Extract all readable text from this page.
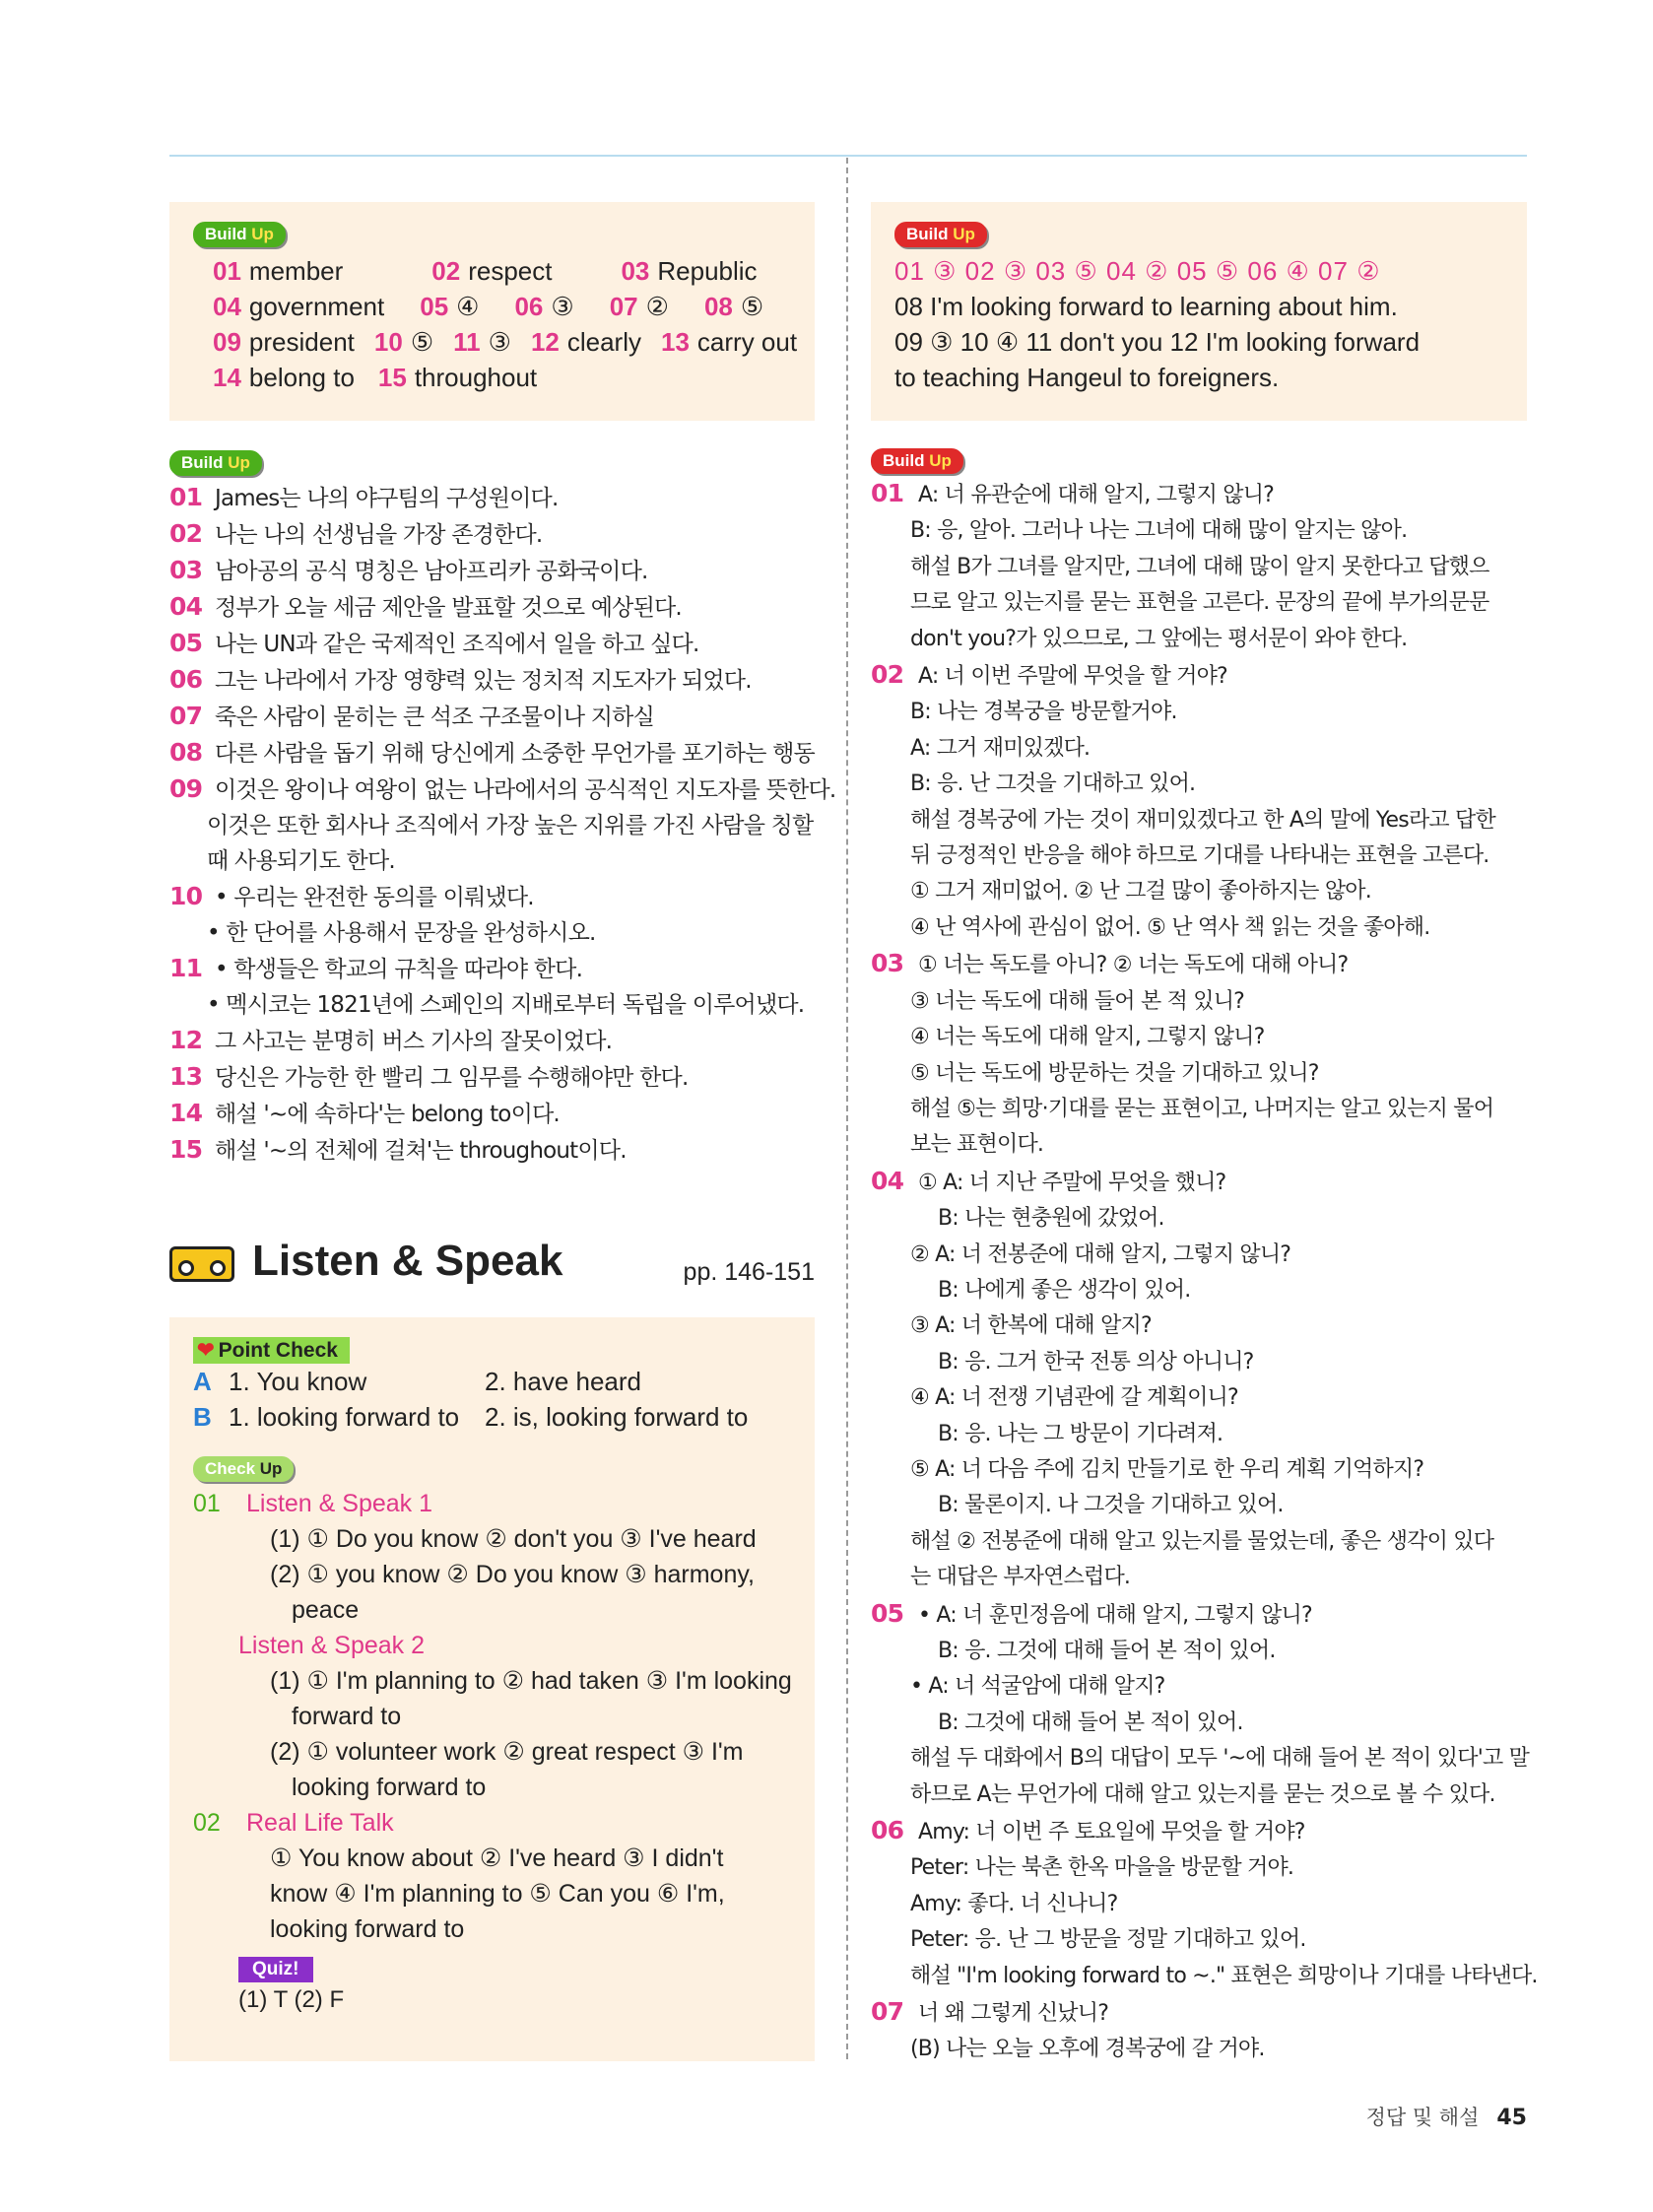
Build Up
01 member	02 respect	03 Republic
04 government 05 ④ 06 ③ 07 ② 08 ⑤
09 president 10 ⑤ 11 ③ 12 clearly 13 carry out
14 belong to 15 throughout
Build Up
01 James는 나의 야구팀의 구성원이다.
02 나는 나의 선생님을 가장 존경한다.
03 남아공의 공식 명칭은 남아프리카 공화국이다.
04 정부가 오늘 세금 제안을 발표할 것으로 예상된다.
05 나는 UN과 같은 국제적인 조직에서 일을 하고 싶다.
06 그는 나라에서 가장 영향력 있는 정치적 지도자가 되었다.
07 죽은 사람이 묻히는 큰 석조 구조물이나 지하실
08 다른 사람을 돕기 위해 당신에게 소중한 무언가를 포기하는 행동
09 이것은 왕이나 여왕이 없는 나라에서의 공식적인 지도자를 뜻한다.
이것은 또한 회사나 조직에서 가장 높은 지위를 가진 사람을 칭할
때 사용되기도 한다.
10 • 우리는 완전한 동의를 이뤄냈다.
• 한 단어를 사용해서 문장을 완성하시오.
11 • 학생들은 학교의 규칙을 따라야 한다.
• 멕시코는 1821년에 스페인의 지배로부터 독립을 이루어냈다.
12 그 사고는 분명히 버스 기사의 잘못이었다.
13 당신은 가능한 한 빨리 그 임무를 수행해야만 한다.
14 해설 '~에 속하다'는 belong to이다.
15 해설 '~의 전체에 걸쳐'는 throughout이다.
Listen & Speak	pp. 146-151
❤ Point Check
A 1. You know	2. have heard
B 1. looking forward to 2. is, looking forward to
Check Up
01 Listen & Speak 1
(1) ① Do you know ② don't you ③ I've heard
(2) ① you know ② Do you know ③ harmony,
peace
Listen & Speak 2
(1) ① I'm planning to ② had taken ③ I'm looking
forward to
(2) ① volunteer work ② great respect ③ I'm
looking forward to
02 Real Life Talk
① You know about ② I've heard ③ I didn't
know ④ I'm planning to ⑤ Can you ⑥ I'm,
looking forward to
Quiz!
(1) T (2) F
Build Up
01 ③ 02 ③ 03 ⑤ 04 ② 05 ⑤ 06 ④ 07 ②
08 I'm looking forward to learning about him.
09 ③ 10 ④ 11 don't you 12 I'm looking forward
to teaching Hangeul to foreigners.
Build Up
01 A: 너 유관순에 대해 알지, 그렇지 않니?
B: 응, 알아. 그러나 나는 그녀에 대해 많이 알지는 않아.
해설 B가 그녀를 알지만, 그녀에 대해 많이 알지 못한다고 답했으
므로 알고 있는지를 묻는 표현을 고른다. 문장의 끝에 부가의문문
don't you?가 있으므로, 그 앞에는 평서문이 와야 한다.
02 A: 너 이번 주말에 무엇을 할 거야?
B: 나는 경복궁을 방문할거야.
A: 그거 재미있겠다.
B: 응. 난 그것을 기대하고 있어.
해설 경복궁에 가는 것이 재미있겠다고 한 A의 말에 Yes라고 답한
뒤 긍정적인 반응을 해야 하므로 기대를 나타내는 표현을 고른다.
① 그거 재미없어. ② 난 그걸 많이 좋아하지는 않아.
④ 난 역사에 관심이 없어. ⑤ 난 역사 책 읽는 것을 좋아해.
03 ① 너는 독도를 아니? ② 너는 독도에 대해 아니?
③ 너는 독도에 대해 들어 본 적 있니?
④ 너는 독도에 대해 알지, 그렇지 않니?
⑤ 너는 독도에 방문하는 것을 기대하고 있니?
해설 ⑤는 희망·기대를 묻는 표현이고, 나머지는 알고 있는지 물어
보는 표현이다.
04 ① A: 너 지난 주말에 무엇을 했니?
B: 나는 현충원에 갔었어.
② A: 너 전봉준에 대해 알지, 그렇지 않니?
B: 나에게 좋은 생각이 있어.
③ A: 너 한복에 대해 알지?
B: 응. 그거 한국 전통 의상 아니니?
④ A: 너 전쟁 기념관에 갈 계획이니?
B: 응. 나는 그 방문이 기다려져.
⑤ A: 너 다음 주에 김치 만들기로 한 우리 계획 기억하지?
B: 물론이지. 나 그것을 기대하고 있어.
해설 ② 전봉준에 대해 알고 있는지를 물었는데, 좋은 생각이 있다
는 대답은 부자연스럽다.
05 • A: 너 훈민정음에 대해 알지, 그렇지 않니?
B: 응. 그것에 대해 들어 본 적이 있어.
• A: 너 석굴암에 대해 알지?
B: 그것에 대해 들어 본 적이 있어.
해설 두 대화에서 B의 대답이 모두 '~에 대해 들어 본 적이 있다'고 말
하므로 A는 무언가에 대해 알고 있는지를 묻는 것으로 볼 수 있다.
06 Amy: 너 이번 주 토요일에 무엇을 할 거야?
Peter: 나는 북촌 한옥 마을을 방문할 거야.
Amy: 좋다. 너 신나니?
Peter: 응. 난 그 방문을 정말 기대하고 있어.
해설 "I'm looking forward to ~." 표현은 희망이나 기대를 나타낸다.
07 너 왜 그렇게 신났니?
(B) 나는 오늘 오후에 경복궁에 갈 거야.
정답 및 해설 45
